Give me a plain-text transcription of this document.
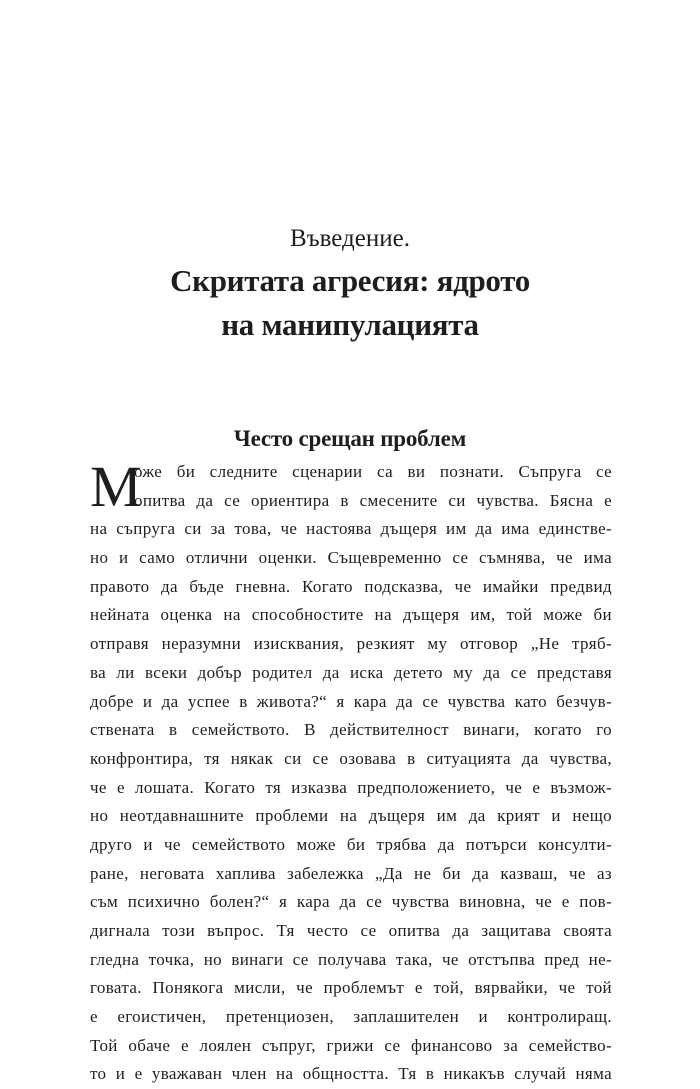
Въведение.
Скритата агресия: ядрото
на манипулацията
Често срещан проблем
М
оже би следните сценарии са ви познати. Съпруга се
опитва да се ориентира в смесените си чувства. Бясна е
на съпруга си за това, че настоява дъщеря им да има единстве-
но и само отлични оценки. Същевременно се съмнява, че има
правото да бъде гневна. Когато подсказва, че имайки предвид
нейната оценка на способностите на дъщеря им, той може би
отправя неразумни изисквания, резкият му отговор „Не тряб-
ва ли всеки добър родител да иска детето му да се представя
добре и да успее в живота?“ я кара да се чувства като безчув-
ствената в семейството. В действителност винаги, когато го
конфронтира, тя някак си се озовава в ситуацията да чувства,
че е лошата. Когато тя изказва предположението, че е възмож-
но неотдавнашните проблеми на дъщеря им да крият и нещо
друго и че семейството може би трябва да потърси консулти-
ране, неговата хаплива забележка „Да не би да казваш, че аз
съм психично болен?“ я кара да се чувства виновна, че е пов-
дигнала този въпрос. Тя често се опитва да защитава своята
гледна точка, но винаги се получава така, че отстъпва пред не-
говата. Понякога мисли, че проблемът е той, вярвайки, че той
е егоистичен, претенциозен, заплашителен и контролиращ.
Той обаче е лоялен съпруг, грижи се финансово за семейство-
то и е уважаван член на общността. Тя в никакъв случай няма
